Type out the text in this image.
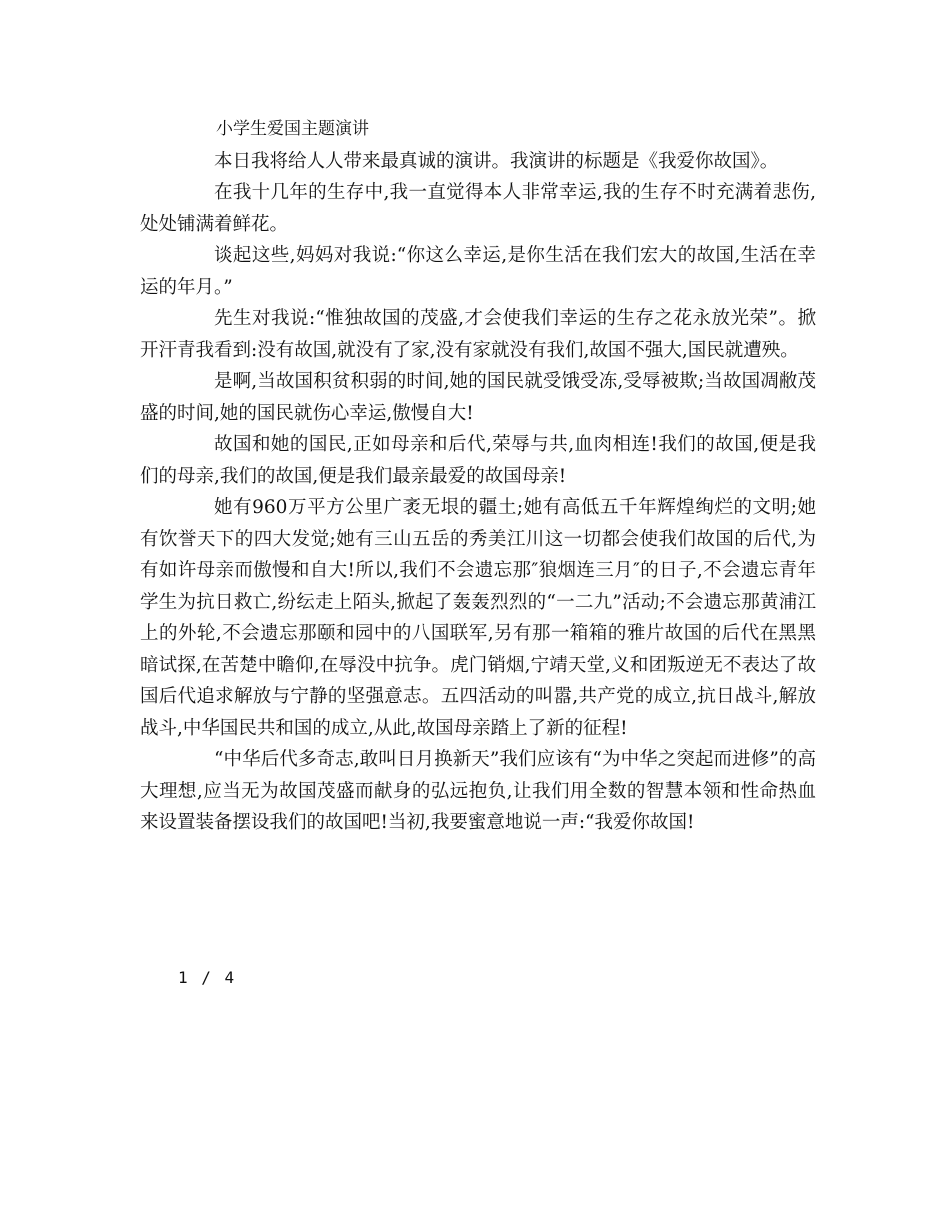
小学生爱国主题演讲

本日我将给人人带来最真诚的演讲。我演讲的标题是《我爱你故国》。

在我十几年的生存中,我一直觉得本人非常幸运,我的生存不时充满着悲伤,处处铺满着鲜花。

谈起这些,妈妈对我说:“你这么幸运,是你生活在我们宏大的故国,生活在幸运的年月。”

先生对我说:“惟独故国的茂盛,才会使我们幸运的生存之花永放光荣”。掀开汗青我看到:没有故国,就没有了家,没有家就没有我们,故国不强大,国民就遭殃。

是啊,当故国积贫积弱的时间,她的国民就受饿受冻,受辱被欺;当故国凋敝茂盛的时间,她的国民就伤心幸运,傲慢自大!

故国和她的国民,正如母亲和后代,荣辱与共,血肉相连!我们的故国,便是我们的母亲,我们的故国,便是我们最亲最爱的故国母亲!

她有960万平方公里广袤无垠的疆土;她有高低五千年辉煌绚烂的文明;她有饮誉天下的四大发觉;她有三山五岳的秀美江川这一切都会使我们故国的后代,为有如许母亲而傲慢和自大!所以,我们不会遗忘那″狼烟连三月″的日子,不会遗忘青年学生为抗日救亡,纷纭走上陌头,掀起了轰轰烈烈的“一二九”活动;不会遗忘那黄浦江上的外轮,不会遗忘那颐和园中的八国联军,另有那一箱箱的雅片故国的后代在黑黑暗试探,在苦楚中瞻仰,在辱没中抗争。虎门销烟,宁靖天堂,义和团叛逆无不表达了故国后代追求解放与宁静的坚强意志。五四活动的叫嚣,共产党的成立,抗日战斗,解放战斗,中华国民共和国的成立,从此,故国母亲踏上了新的征程!

“中华后代多奇志,敢叫日月换新天”我们应该有“为中华之突起而进修”的高大理想,应当无为故国茂盛而献身的弘远抱负,让我们用全数的智慧本领和性命热血来设置装备摆设我们的故国吧!当初,我要蜜意地说一声:“我爱你故国!

1 / 4
